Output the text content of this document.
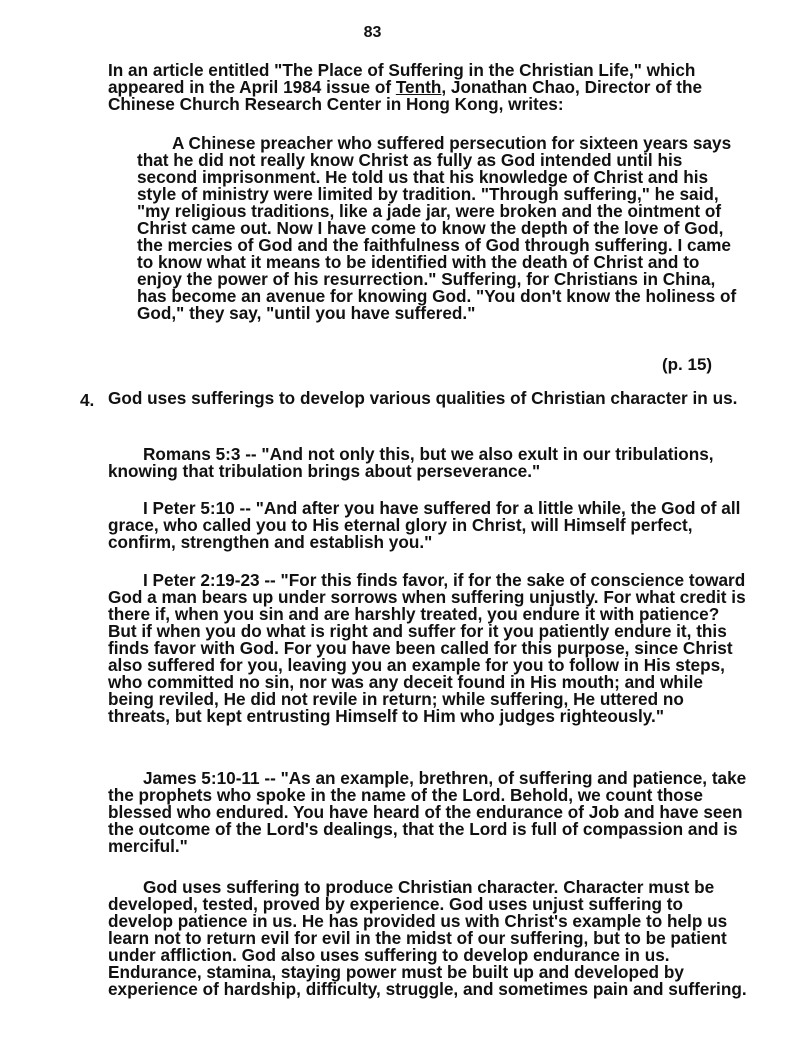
83

In an article entitled "The Place of Suffering in the Christian Life," which appeared in the April 1984 issue of Tenth, Jonathan Chao, Director of the Chinese Church Research Center in Hong Kong, writes:

A Chinese preacher who suffered persecution for sixteen years says that he did not really know Christ as fully as God intended until his second imprisonment. He told us that his knowledge of Christ and his style of ministry were limited by tradition. "Through suffering," he said, "my religious traditions, like a jade jar, were broken and the ointment of Christ came out. Now I have come to know the depth of the love of God, the mercies of God and the faithfulness of God through suffering. I came to know what it means to be identified with the death of Christ and to enjoy the power of his resurrection." Suffering, for Christians in China, has become an avenue for knowing God. "You don't know the holiness of God," they say, "until you have suffered."

(p. 15)
4. God uses sufferings to develop various qualities of Christian character in us.

Romans 5:3 -- "And not only this, but we also exult in our tribulations, knowing that tribulation brings about perseverance."

I Peter 5:10 -- "And after you have suffered for a little while, the God of all grace, who called you to His eternal glory in Christ, will Himself perfect, confirm, strengthen and establish you."

I Peter 2:19-23 -- "For this finds favor, if for the sake of conscience toward God a man bears up under sorrows when suffering unjustly. For what credit is there if, when you sin and are harshly treated, you endure it with patience? But if when you do what is right and suffer for it you patiently endure it, this finds favor with God. For you have been called for this purpose, since Christ also suffered for you, leaving you an example for you to follow in His steps, who committed no sin, nor was any deceit found in His mouth; and while being reviled, He did not revile in return; while suffering, He uttered no threats, but kept entrusting Himself to Him who judges righteously."

James 5:10-11 -- "As an example, brethren, of suffering and patience, take the prophets who spoke in the name of the Lord. Behold, we count those blessed who endured. You have heard of the endurance of Job and have seen the outcome of the Lord's dealings, that the Lord is full of compassion and is merciful."

God uses suffering to produce Christian character. Character must be developed, tested, proved by experience. God uses unjust suffering to develop patience in us. He has provided us with Christ's example to help us learn not to return evil for evil in the midst of our suffering, but to be patient under affliction. God also uses suffering to develop endurance in us. Endurance, stamina, staying power must be built up and developed by experience of hardship, difficulty, struggle, and sometimes pain and suffering.
